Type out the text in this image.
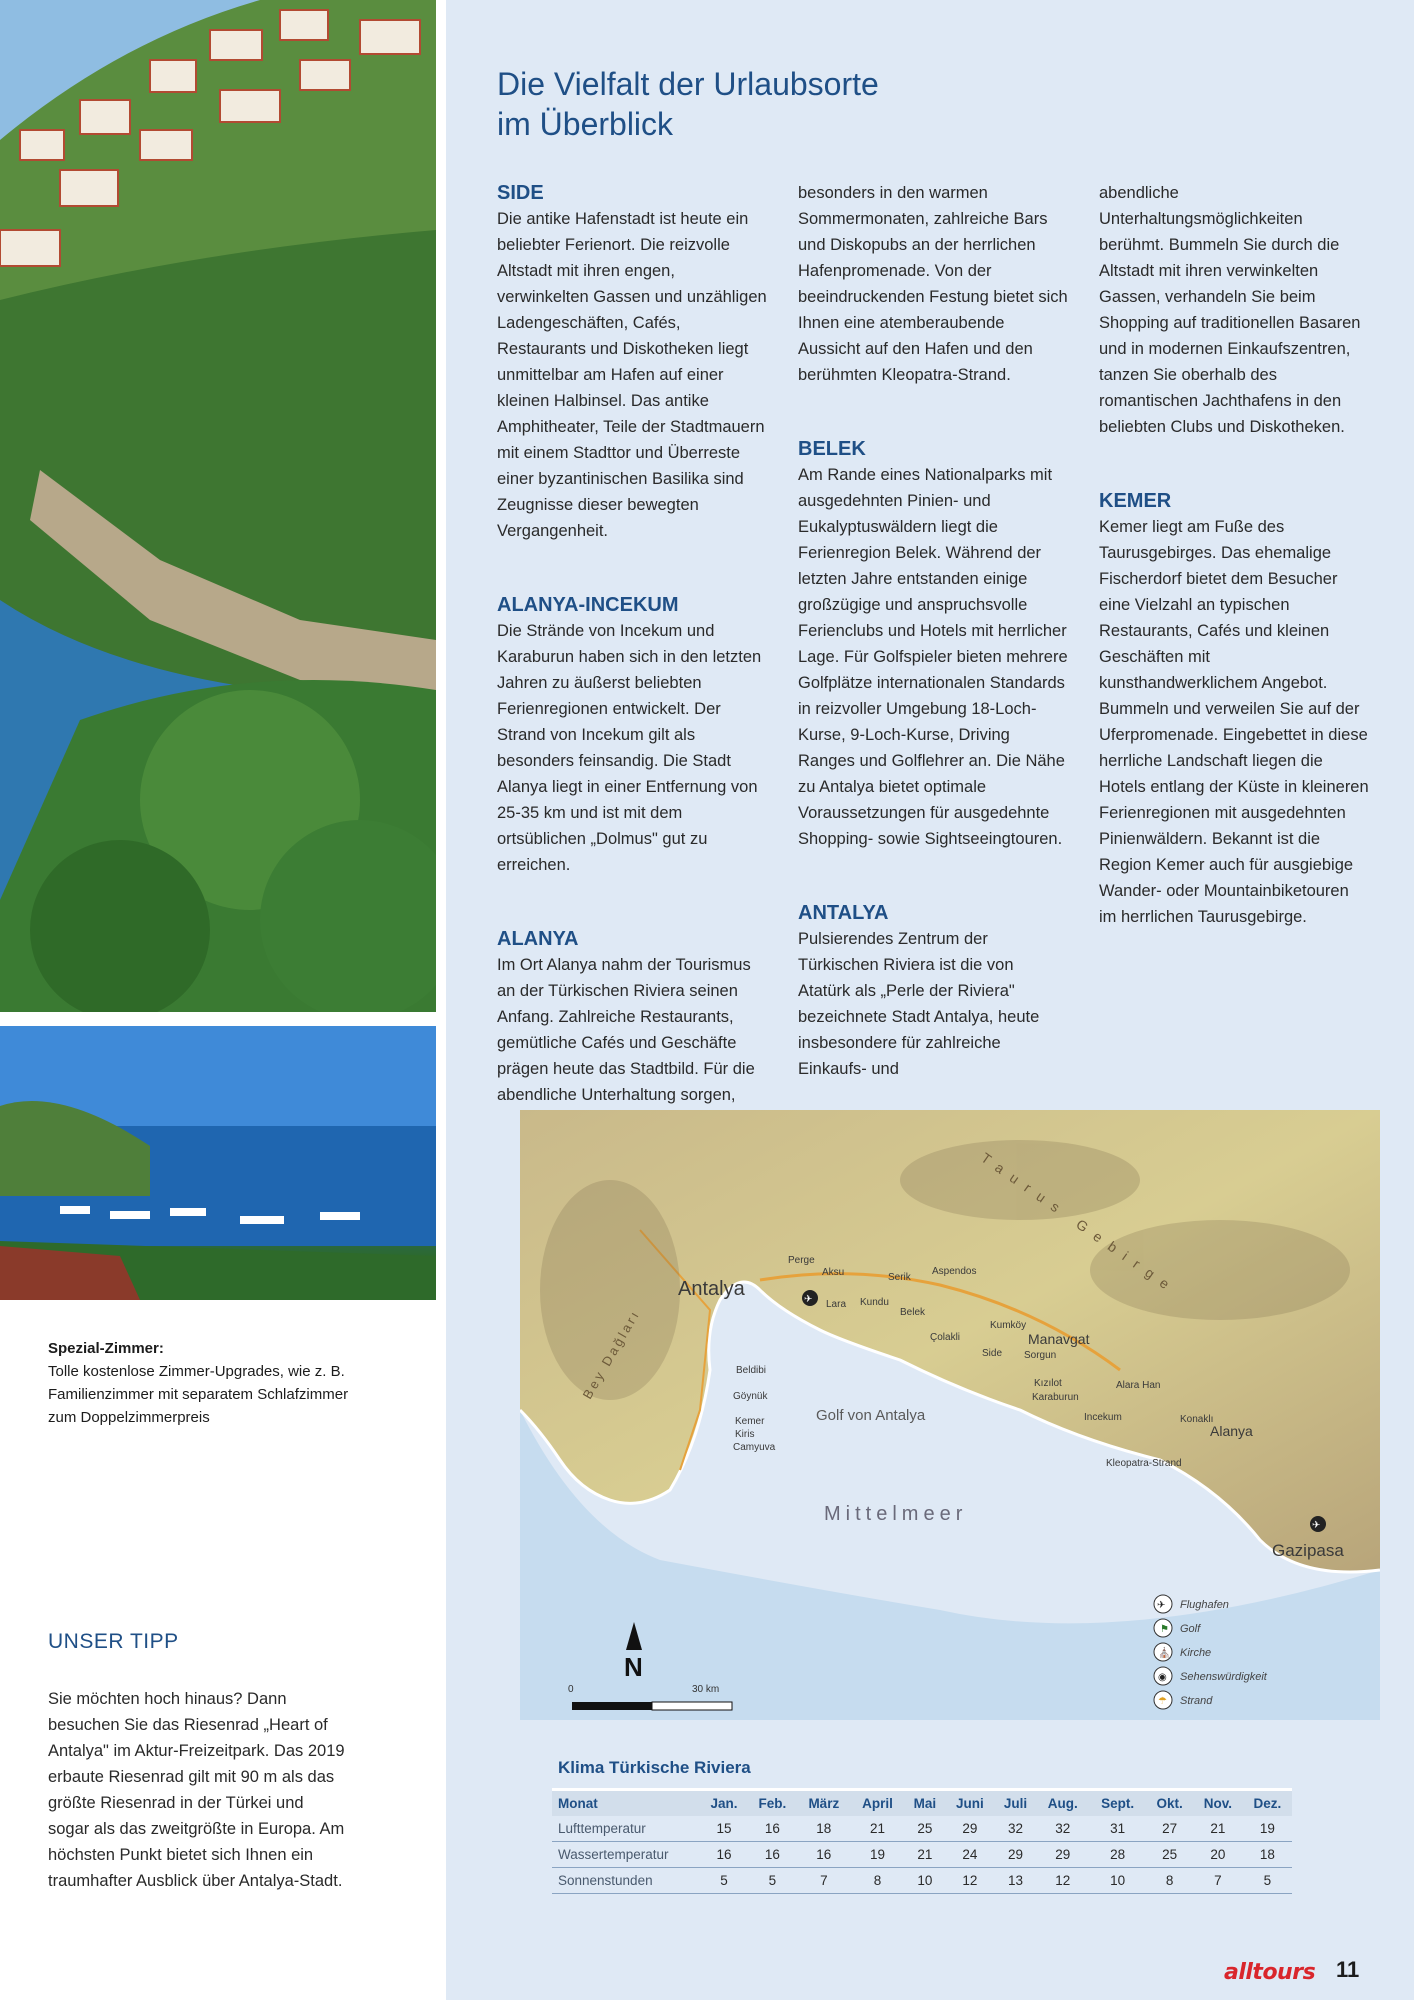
Spezial-Zimmer:
Tolle kostenlose Zimmer-Upgrades, wie z. B. Familienzimmer mit separatem Schlafzimmer zum Doppelzimmerpreis
UNSER TIPP
Sie möchten hoch hinaus? Dann besuchen Sie das Riesenrad „Heart of Antalya" im Aktur-Freizeitpark. Das 2019 erbaute Riesenrad gilt mit 90 m als das größte Riesenrad in der Türkei und sogar als das zweitgrößte in Europa. Am höchsten Punkt bietet sich Ihnen ein traumhafter Ausblick über Antalya-Stadt.
Die Vielfalt der Urlaubsorte
im Überblick
SIDE

Die antike Hafenstadt ist heute ein beliebter Ferienort. Die reizvolle Altstadt mit ihren engen, verwinkelten Gassen und unzähligen Ladengeschäften, Cafés, Restaurants und Diskotheken liegt unmittelbar am Hafen auf einer kleinen Halbinsel. Das antike Amphitheater, Teile der Stadtmauern mit einem Stadttor und Überreste einer byzantinischen Basilika sind Zeugnisse dieser bewegten Vergangenheit.

ALANYA-INCEKUM

Die Strände von Incekum und Karaburun haben sich in den letzten Jahren zu äußerst beliebten Ferienregionen entwickelt. Der Strand von Incekum gilt als besonders feinsandig. Die Stadt Alanya liegt in einer Entfernung von 25-35 km und ist mit dem ortsüblichen „Dolmus" gut zu erreichen.

ALANYA

Im Ort Alanya nahm der Tourismus an der Türkischen Riviera seinen Anfang. Zahlreiche Restaurants, gemütliche Cafés und Geschäfte prägen heute das Stadtbild. Für die abendliche Unterhaltung sorgen,

besonders in den warmen Sommermonaten, zahlreiche Bars und Diskopubs an der herrlichen Hafenpromenade. Von der beeindruckenden Festung bietet sich Ihnen eine atemberaubende Aussicht auf den Hafen und den berühmten Kleopatra-Strand.

BELEK

Am Rande eines Nationalparks mit ausgedehnten Pinien- und Eukalyptuswäldern liegt die Ferienregion Belek. Während der letzten Jahre entstanden einige großzügige und anspruchsvolle Ferienclubs und Hotels mit herrlicher Lage. Für Golfspieler bieten mehrere Golfplätze internationalen Standards in reizvoller Umgebung 18-Loch-Kurse, 9-Loch-Kurse, Driving Ranges und Golflehrer an. Die Nähe zu Antalya bietet optimale Voraussetzungen für ausgedehnte Shopping- sowie Sightseeingtouren.

ANTALYA

Pulsierendes Zentrum der Türkischen Riviera ist die von Atatürk als „Perle der Riviera" bezeichnete Stadt Antalya, heute insbesondere für zahlreiche Einkaufs- und

abendliche Unterhaltungsmöglichkeiten berühmt. Bummeln Sie durch die Altstadt mit ihren verwinkelten Gassen, verhandeln Sie beim Shopping auf traditionellen Basaren und in modernen Einkaufszentren, tanzen Sie oberhalb des romantischen Jachthafens in den beliebten Clubs und Diskotheken.

KEMER

Kemer liegt am Fuße des Taurusgebirges. Das ehemalige Fischerdorf bietet dem Besucher eine Vielzahl an typischen Restaurants, Cafés und kleinen Geschäften mit kunsthandwerklichem Angebot. Bummeln und verweilen Sie auf der Uferpromenade. Eingebettet in diese herrliche Landschaft liegen die Hotels entlang der Küste in kleineren Ferienregionen mit ausgedehnten Pinienwäldern. Bekannt ist die Region Kemer auch für ausgiebige Wander- oder Mountainbiketouren im herrlichen Taurusgebirge.

Bey Dağları
Taurus Gebirge
Antalya
Perge
Aksu	Serik
Aspendos
Lara Kundu
Belek
Çolakli
Kumköy
Side
Manavgat
Sorgun
Kızılot
Karaburun
Alara Han
Incekum	Konaklı
Alanya
Kleopatra-Strand
Gazipasa
Beldibi
Göynük
Kemer
Kiris
Camyuva
Golf von Antalya
Mittelmeer
✈
✈
N
0	30 km
✈ Flughafen
⚑ Golf
⛪ Kirche
◉ Sehenswürdigkeit
☂ Strand
Klima Türkische Riviera
Monat	Jan.	Feb.	März	April	Mai	Juni	Juli	Aug.	Sept.	Okt.	Nov.	Dez.
Lufttemperatur	15	16	18	21	25	29	32	32	31	27	21	19
Wassertemperatur	16	16	16	19	21	24	29	29	28	25	20	18
Sonnenstunden	5	5	7	8	10	12	13	12	10	8	7	5
alltours 11
